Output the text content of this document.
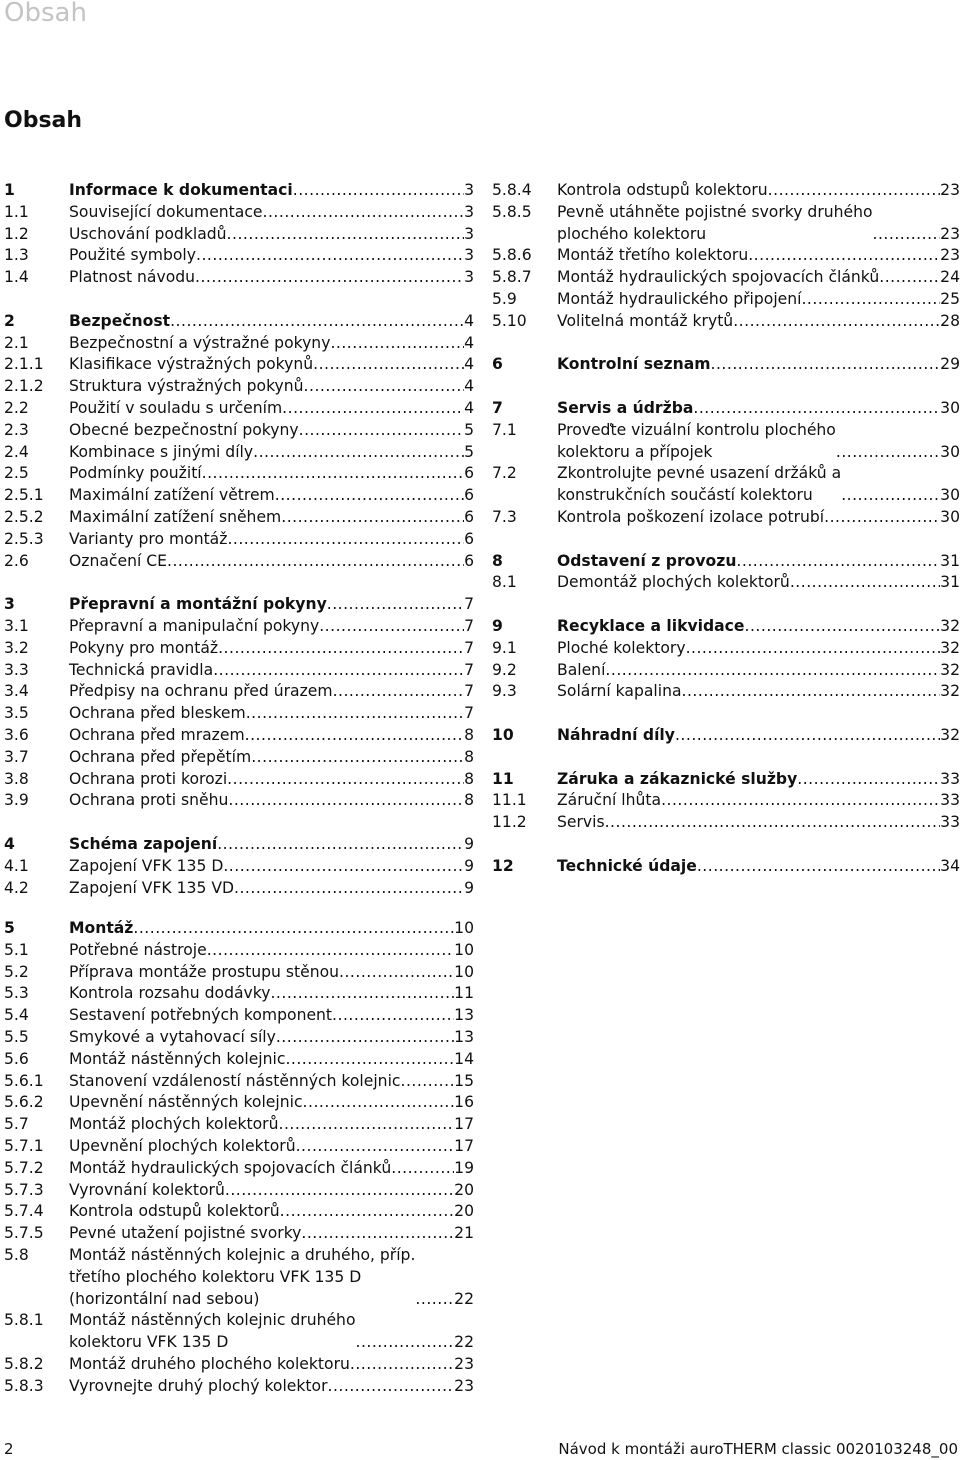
Obsah
Obsah
1	Informace k dokumentaci .....	3
1.1	Související dokumentace .....	3
1.2	Uschování podkladů .....	3
1.3	Použité symboly .....	3
1.4	Platnost návodu .....	3
2	Bezpečnost .....	4
2.1	Bezpečnostní a výstražné pokyny .....	4
2.1.1	Klasifikace výstražných pokynů .....	4
2.1.2	Struktura výstražných pokynů .....	4
2.2	Použití v souladu s určením .....	4
2.3	Obecné bezpečnostní pokyny .....	5
2.4	Kombinace s jinými díly .....	5
2.5	Podmínky použití .....	6
2.5.1	Maximální zatížení větrem .....	6
2.5.2	Maximální zatížení sněhem .....	6
2.5.3	Varianty pro montáž .....	6
2.6	Označení CE .....	6
3	Přepravní a montážní pokyny .....	7
3.1	Přepravní a manipulační pokyny .....	7
3.2	Pokyny pro montáž .....	7
3.3	Technická pravidla .....	7
3.4	Předpisy na ochranu před úrazem .....	7
3.5	Ochrana před bleskem .....	7
3.6	Ochrana před mrazem .....	8
3.7	Ochrana před přepětím .....	8
3.8	Ochrana proti korozi .....	8
3.9	Ochrana proti sněhu .....	8
4	Schéma zapojení .....	9
4.1	Zapojení VFK 135 D .....	9
4.2	Zapojení VFK 135 VD .....	9
5	Montáž .....	10
5.1	Potřebné nástroje .....	10
5.2	Příprava montáže prostupu stěnou .....	10
5.3	Kontrola rozsahu dodávky .....	11
5.4	Sestavení potřebných komponent .....	13
5.5	Smykové a vytahovací síly .....	13
5.6	Montáž nástěnných kolejnic .....	14
5.6.1	Stanovení vzdáleností nástěnných kolejnic .....	15
5.6.2	Upevnění nástěnných kolejnic .....	16
5.7	Montáž plochých kolektorů .....	17
5.7.1	Upevnění plochých kolektorů .....	17
5.7.2	Montáž hydraulických spojovacích článků .....	19
5.7.3	Vyrovnání kolektorů .....	20
5.7.4	Kontrola odstupů kolektorů .....	20
5.7.5	Pevné utažení pojistné svorky .....	21
5.8	Montáž nástěnných kolejnic a druhého, příp.
třetího plochého kolektoru VFK 135 D
(horizontální nad sebou) .....	22
5.8.1	Montáž nástěnných kolejnic druhého
kolektoru VFK 135 D .....	22
5.8.2	Montáž druhého plochého kolektoru .....	23
5.8.3	Vyrovnejte druhý plochý kolektor .....	23
5.8.4	Kontrola odstupů kolektoru .....	23
5.8.5	Pevně utáhněte pojistné svorky druhého
plochého kolektoru .....	23
5.8.6	Montáž třetího kolektoru .....	23
5.8.7	Montáž hydraulických spojovacích článků .....	24
5.9	Montáž hydraulického připojení .....	25
5.10	Volitelná montáž krytů .....	28
6	Kontrolní seznam .....	29
7	Servis a údržba .....	30
7.1	Proveďte vizuální kontrolu plochého
kolektoru a přípojek .....	30
7.2	Zkontrolujte pevné usazení držáků a
konstrukčních součástí kolektoru .....	30
7.3	Kontrola poškození izolace potrubí .....	30
8	Odstavení z provozu .....	31
8.1	Demontáž plochých kolektorů .....	31
9	Recyklace a likvidace .....	32
9.1	Ploché kolektory .....	32
9.2	Balení .....	32
9.3	Solární kapalina .....	32
10	Náhradní díly .....	32
11	Záruka a zákaznické služby .....	33
11.1	Záruční lhůta .....	33
11.2	Servis .....	33
12	Technické údaje .....	34
2	Návod k montáži auroTHERM classic 0020103248_00
